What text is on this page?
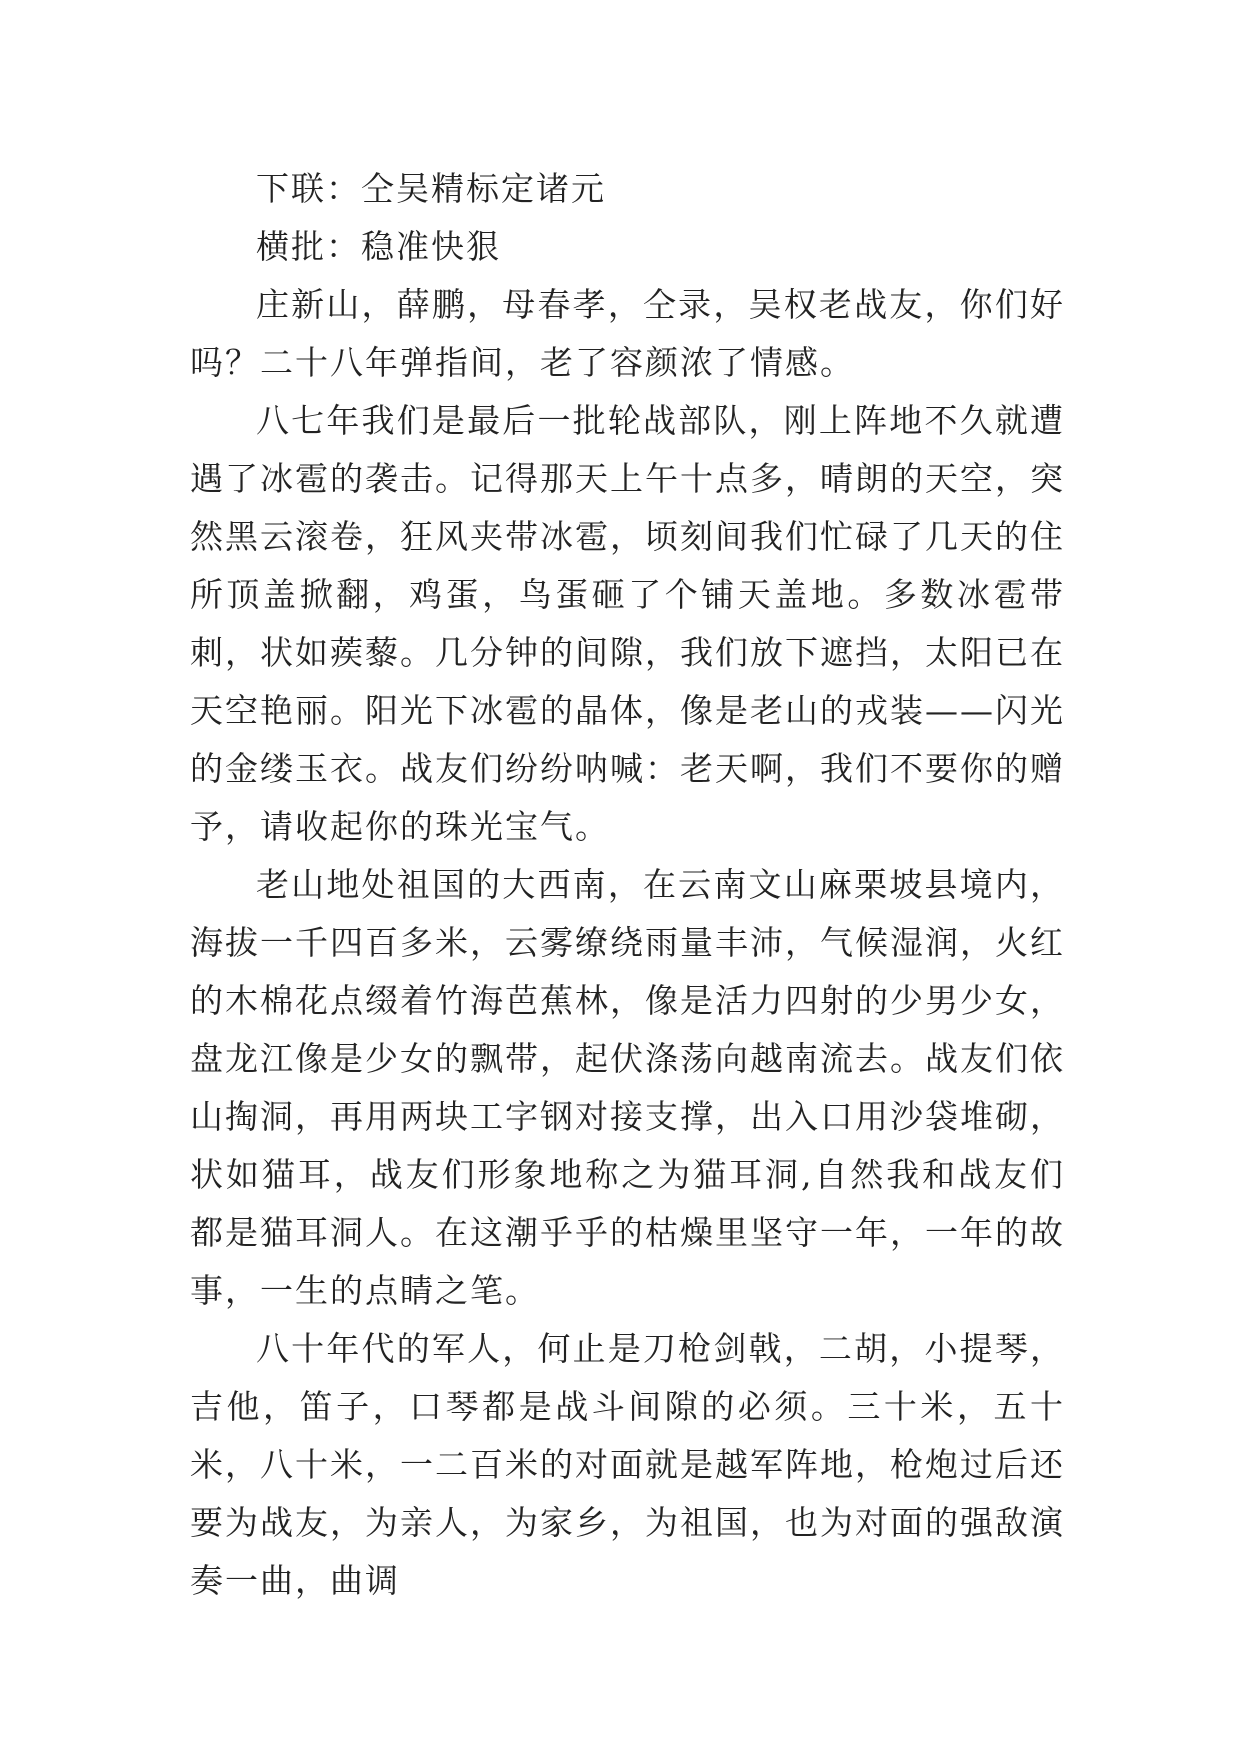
下联：仝吴精标定诸元

横批：稳准快狠

庄新山，薛鹏，母春孝，仝录，吴权老战友，你们好吗？二十八年弹指间，老了容颜浓了情感。

八七年我们是最后一批轮战部队，刚上阵地不久就遭遇了冰雹的袭击。记得那天上午十点多，晴朗的天空，突然黑云滚卷，狂风夹带冰雹，顷刻间我们忙碌了几天的住所顶盖掀翻，鸡蛋，鸟蛋砸了个铺天盖地。多数冰雹带刺，状如蒺藜。几分钟的间隙，我们放下遮挡，太阳已在天空艳丽。阳光下冰雹的晶体，像是老山的戎装——闪光的金缕玉衣。战友们纷纷呐喊：老天啊，我们不要你的赠予，请收起你的珠光宝气。

老山地处祖国的大西南，在云南文山麻栗坡县境内，海拔一千四百多米，云雾缭绕雨量丰沛，气候湿润，火红的木棉花点缀着竹海芭蕉林，像是活力四射的少男少女，盘龙江像是少女的飘带，起伏涤荡向越南流去。战友们依山掏洞，再用两块工字钢对接支撑，出入口用沙袋堆砌，状如猫耳，战友们形象地称之为猫耳洞,自然我和战友们都是猫耳洞人。在这潮乎乎的枯燥里坚守一年，一年的故事，一生的点睛之笔。

八十年代的军人，何止是刀枪剑戟，二胡，小提琴，吉他，笛子，口琴都是战斗间隙的必须。三十米，五十米，八十米，一二百米的对面就是越军阵地，枪炮过后还要为战友，为亲人，为家乡，为祖国，也为对面的强敌演奏一曲，曲调
